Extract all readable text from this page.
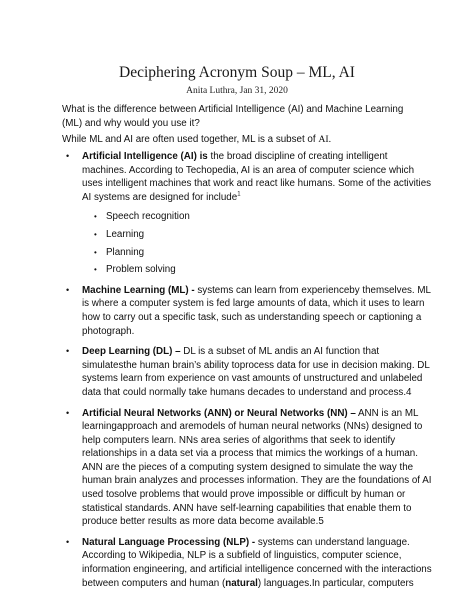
Deciphering Acronym Soup – ML, AI
Anita Luthra, Jan 31, 2020
What is the difference between Artificial Intelligence (AI) and Machine Learning (ML) and why would you use it?
While ML and AI are often used together, ML is a subset of AI.
• Artificial Intelligence (AI) is the broad discipline of creating intelligent machines. According to Techopedia, AI is an area of computer science which uses intelligent machines that work and react like humans. Some of the activities AI systems are designed for include$^1$
• Speech recognition
• Learning
• Planning
• Problem solving
• Machine Learning (ML) - systems can learn from experienceby themselves. ML is where a computer system is fed large amounts of data, which it uses to learn how to carry out a specific task, such as understanding speech or captioning a photograph.
• Deep Learning (DL) – DL is a subset of ML andis an AI function that simulatesthe human brain’s ability toprocess data for use in decision making. DL systems learn from experience on vast amounts of unstructured and unlabeled data that could normally take humans decades to understand and process.4
• Artificial Neural Networks (ANN) or Neural Networks (NN) – ANN is an ML learningapproach and aremodels of human neural networks (NNs) designed to help computers learn. NNs area series of algorithms that seek to identify relationships in a data set via a process that mimics the workings of a human. ANN are the pieces of a computing system designed to simulate the way the human brain analyzes and processes information. They are the foundations of AI used tosolve problems that would prove impossible or difficult by human or statistical standards. ANN have self-learning capabilities that enable them to produce better results as more data become available.5
• Natural Language Processing (NLP) - systems can understand language. According to Wikipedia, NLP is a subfield of linguistics, computer science, information engineering, and artificial intelligence concerned with the interactions between computers and human (natural) languages.In particular, computers
